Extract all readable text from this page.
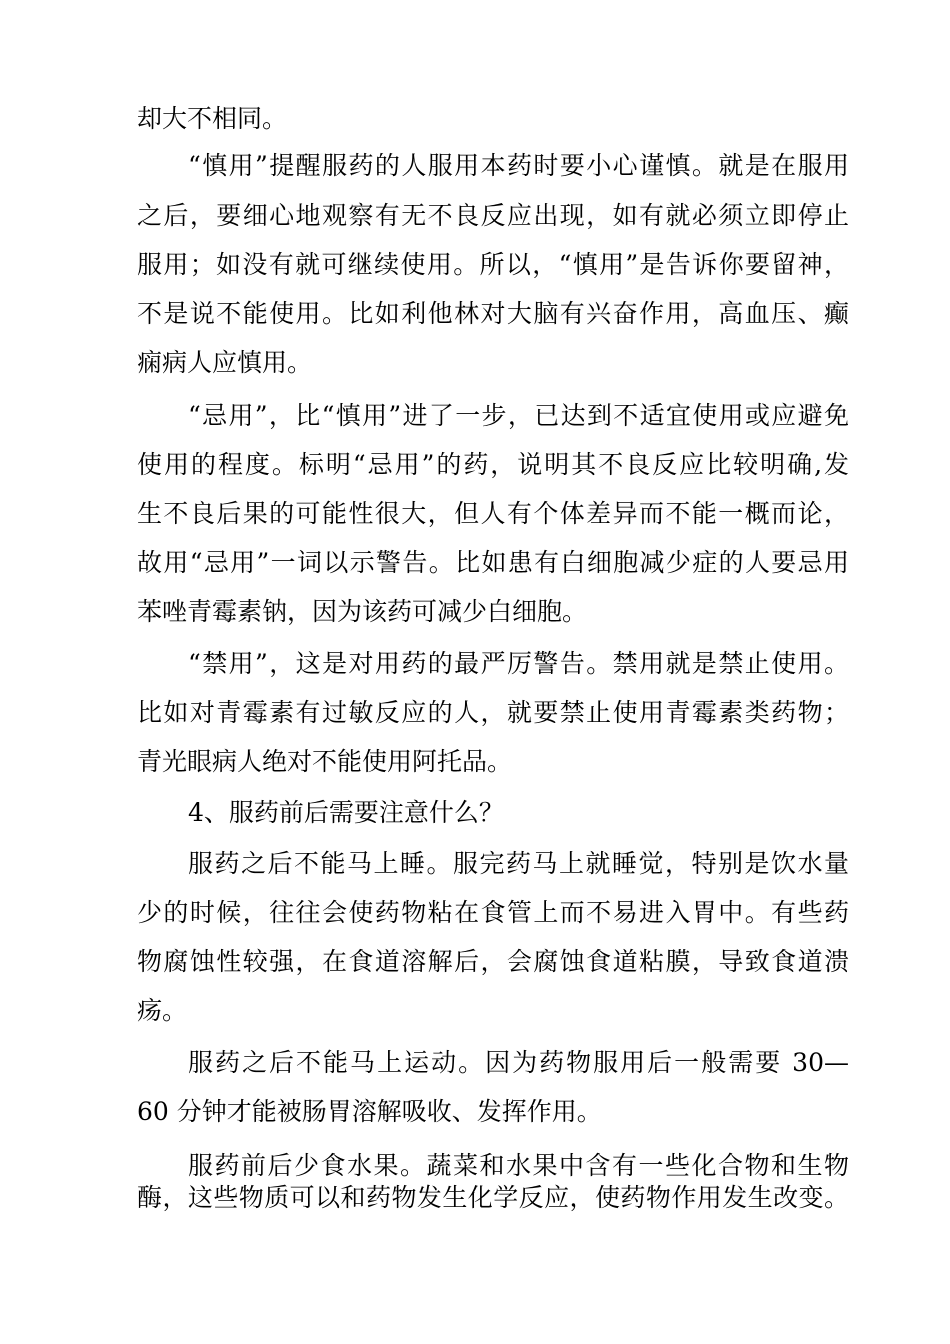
却大不相同。
“慎用”提醒服药的人服用本药时要小心谨慎。就是在服用
之后，要细心地观察有无不良反应出现，如有就必须立即停止
服用；如没有就可继续使用。所以，“慎用”是告诉你要留神，
不是说不能使用。比如利他林对大脑有兴奋作用，高血压、癫
痫病人应慎用。
“忌用”，比“慎用”进了一步，已达到不适宜使用或应避免
使用的程度。标明“忌用”的药，说明其不良反应比较明确,发
生不良后果的可能性很大，但人有个体差异而不能一概而论，
故用“忌用”一词以示警告。比如患有白细胞减少症的人要忌用
苯唑青霉素钠，因为该药可减少白细胞。
“禁用”，这是对用药的最严厉警告。禁用就是禁止使用。
比如对青霉素有过敏反应的人，就要禁止使用青霉素类药物；
青光眼病人绝对不能使用阿托品。
4、服药前后需要注意什么？
服药之后不能马上睡。服完药马上就睡觉，特别是饮水量
少的时候，往往会使药物粘在食管上而不易进入胃中。有些药
物腐蚀性较强，在食道溶解后，会腐蚀食道粘膜，导致食道溃
疡。
服药之后不能马上运动。因为药物服用后一般需要 30—
60 分钟才能被肠胃溶解吸收、发挥作用。
服药前后少食水果。蔬菜和水果中含有一些化合物和生物
酶，这些物质可以和药物发生化学反应，使药物作用发生改变。
